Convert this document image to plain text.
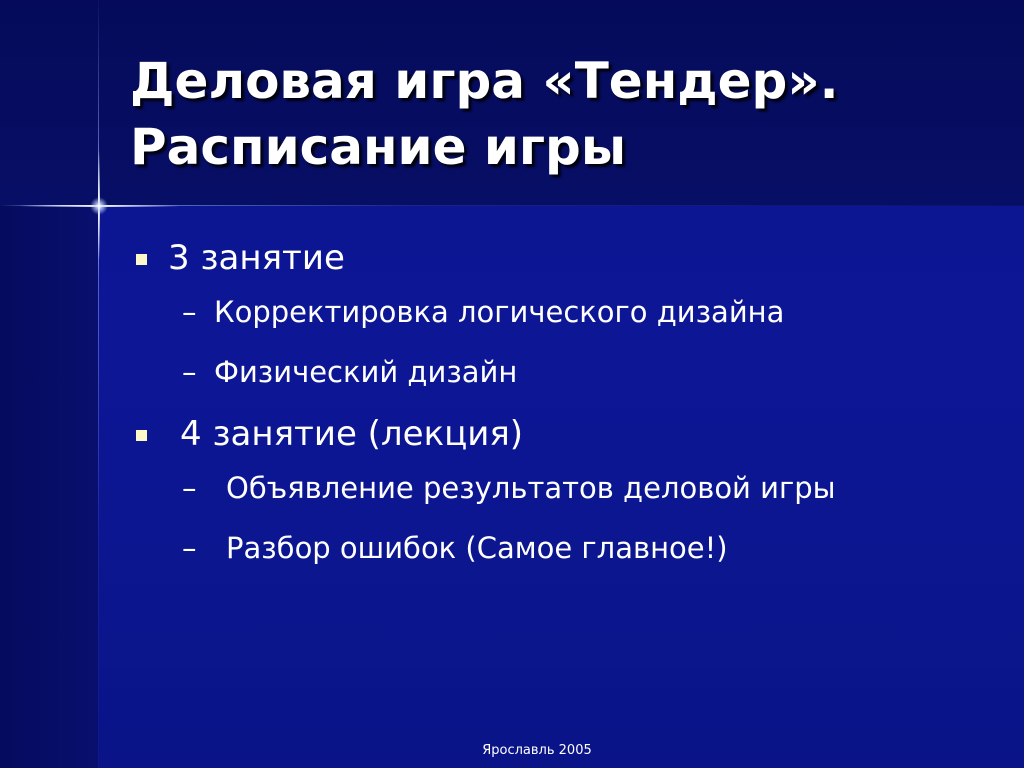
Деловая игра «Тендер».
Расписание игры
3 занятие
– Корректировка логического дизайна
– Физический дизайн
4 занятие (лекция)
– Объявление результатов деловой игры
– Разбор ошибок (Самое главное!)
Ярославль 2005
